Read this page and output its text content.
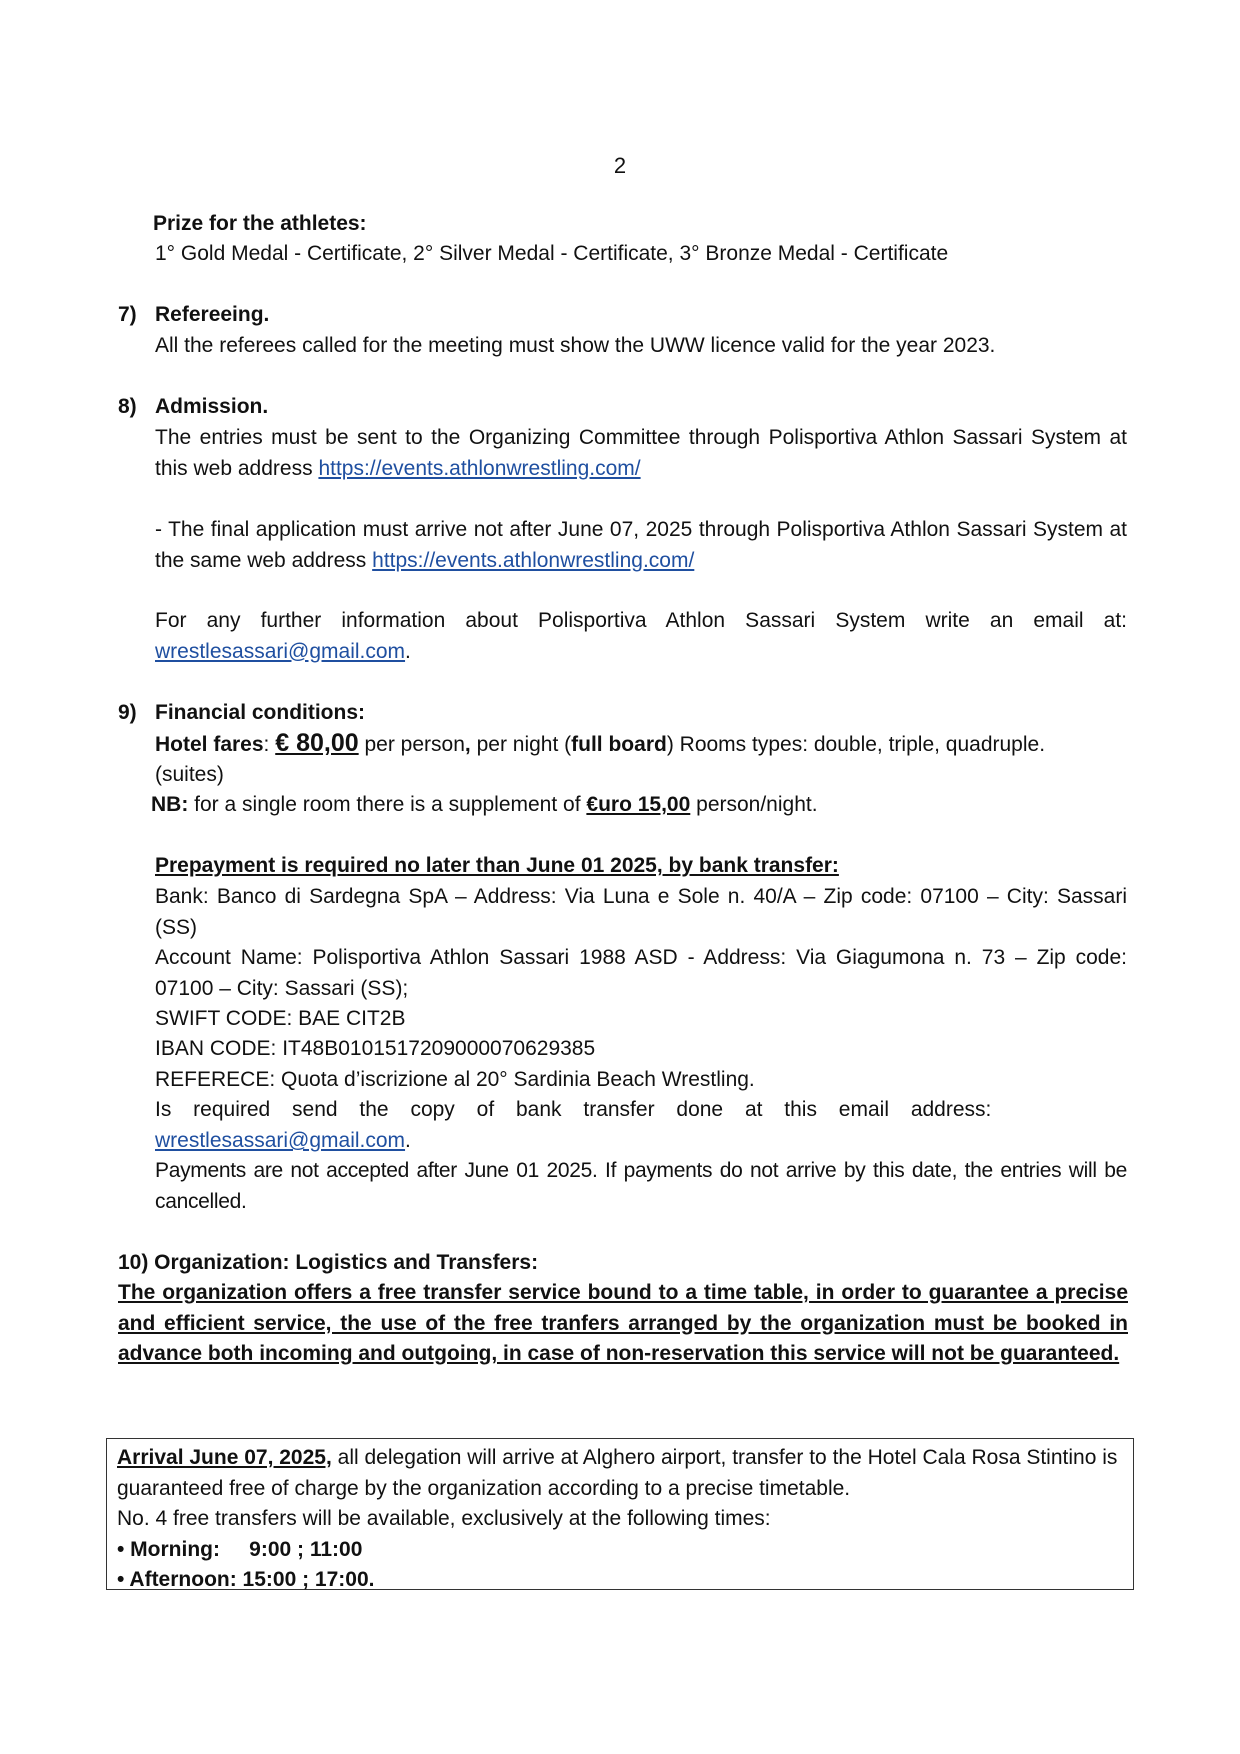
2
Prize for the athletes:
1° Gold Medal - Certificate, 2° Silver Medal - Certificate, 3° Bronze Medal - Certificate
7) Refereeing.
All the referees called for the meeting must show the UWW licence valid for the year 2023.
8) Admission.
The entries must be sent to the Organizing Committee through Polisportiva Athlon Sassari System at this web address https://events.athlonwrestling.com/
- The final application must arrive not after June 07, 2025 through Polisportiva Athlon Sassari System at the same web address https://events.athlonwrestling.com/
For any further information about Polisportiva Athlon Sassari System write an email at: wrestlesassari@gmail.com.
9) Financial conditions:
Hotel fares: € 80,00 per person, per night (full board) Rooms types: double, triple, quadruple.
(suites)
NB: for a single room there is a supplement of €uro 15,00 person/night.
Prepayment is required no later than June 01 2025, by bank transfer:
Bank: Banco di Sardegna SpA – Address: Via Luna e Sole n. 40/A – Zip code: 07100 – City: Sassari (SS)
Account Name: Polisportiva Athlon Sassari 1988 ASD - Address: Via Giagumona n. 73 – Zip code: 07100 – City: Sassari (SS);
SWIFT CODE: BAE CIT2B
IBAN CODE: IT48B0101517209000070629385
REFERECE: Quota d’iscrizione al 20° Sardinia Beach Wrestling.
Is required send the copy of bank transfer done at this email address:
wrestlesassari@gmail.com.
Payments are not accepted after June 01 2025. If payments do not arrive by this date, the entries will be cancelled.
10) Organization: Logistics and Transfers:
The organization offers a free transfer service bound to a time table, in order to guarantee a precise and efficient service, the use of the free tranfers arranged by the organization must be booked in advance both incoming and outgoing, in case of non-reservation this service will not be guaranteed.
Arrival June 07, 2025, all delegation will arrive at Alghero airport, transfer to the Hotel Cala Rosa Stintino is guaranteed free of charge by the organization according to a precise timetable.
No. 4 free transfers will be available, exclusively at the following times:
• Morning:     9:00 ; 11:00
• Afternoon: 15:00 ; 17:00.
